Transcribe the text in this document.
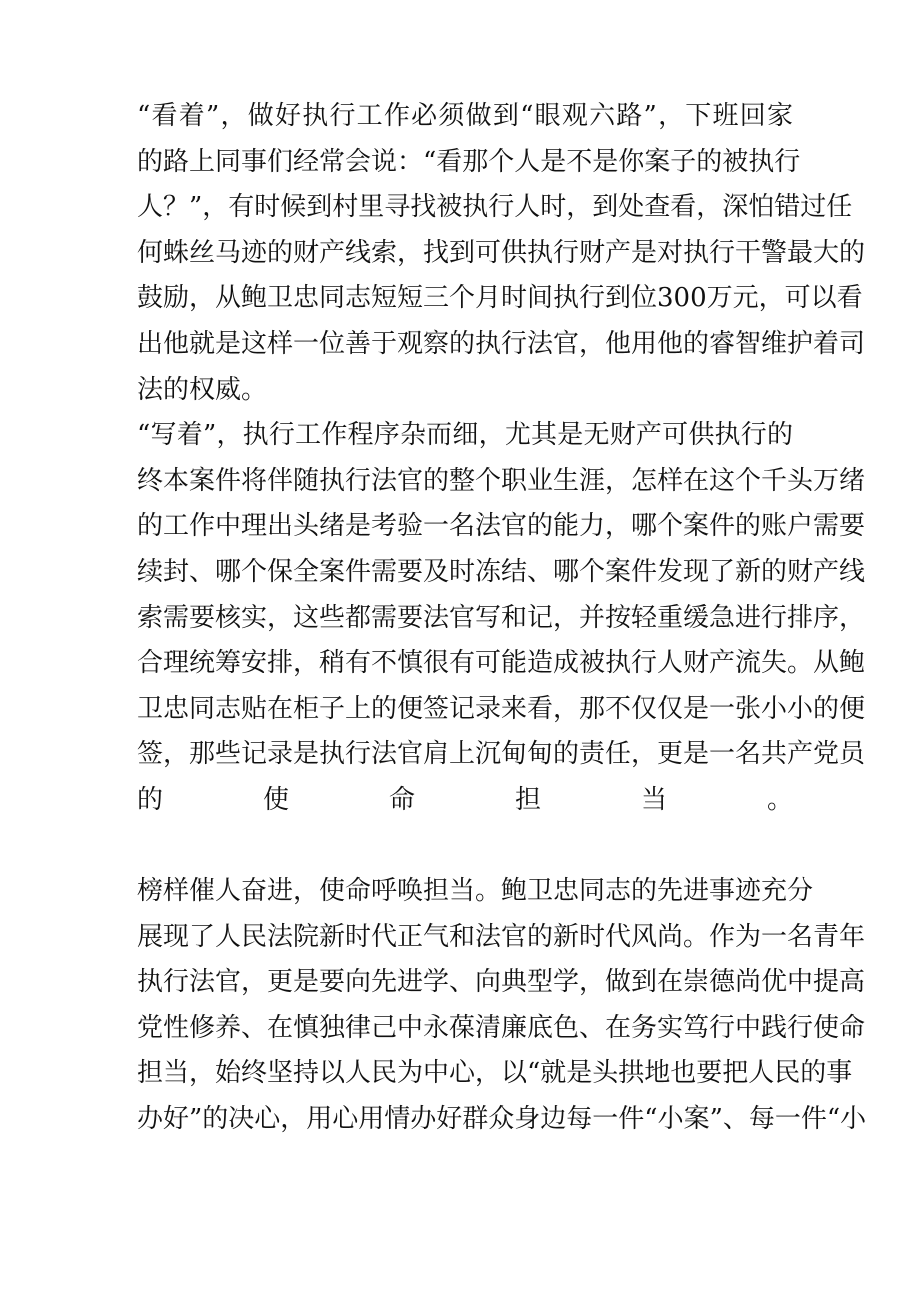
“看着”，做好执行工作必须做到“眼观六路”，下班回家
的路上同事们经常会说：“看那个人是不是你案子的被执行
人？”，有时候到村里寻找被执行人时，到处查看，深怕错过任
何蛛丝马迹的财产线索，找到可供执行财产是对执行干警最大的
鼓励，从鲍卫忠同志短短三个月时间执行到位300万元，可以看
出他就是这样一位善于观察的执行法官，他用他的睿智维护着司
法的权威。
“写着”，执行工作程序杂而细，尤其是无财产可供执行的
终本案件将伴随执行法官的整个职业生涯，怎样在这个千头万绪
的工作中理出头绪是考验一名法官的能力，哪个案件的账户需要
续封、哪个保全案件需要及时冻结、哪个案件发现了新的财产线
索需要核实，这些都需要法官写和记，并按轻重缓急进行排序，
合理统筹安排，稍有不慎很有可能造成被执行人财产流失。从鲍
卫忠同志贴在柜子上的便签记录来看，那不仅仅是一张小小的便
签，那些记录是执行法官肩上沉甸甸的责任，更是一名共产党员
的使命担当。
榜样催人奋进，使命呼唤担当。鲍卫忠同志的先进事迹充分
展现了人民法院新时代正气和法官的新时代风尚。作为一名青年
执行法官，更是要向先进学、向典型学，做到在崇德尚优中提高
党性修养、在慎独律己中永葆清廉底色、在务实笃行中践行使命
担当，始终坚持以人民为中心，以“就是头拱地也要把人民的事
办好”的决心，用心用情办好群众身边每一件“小案”、每一件“小
